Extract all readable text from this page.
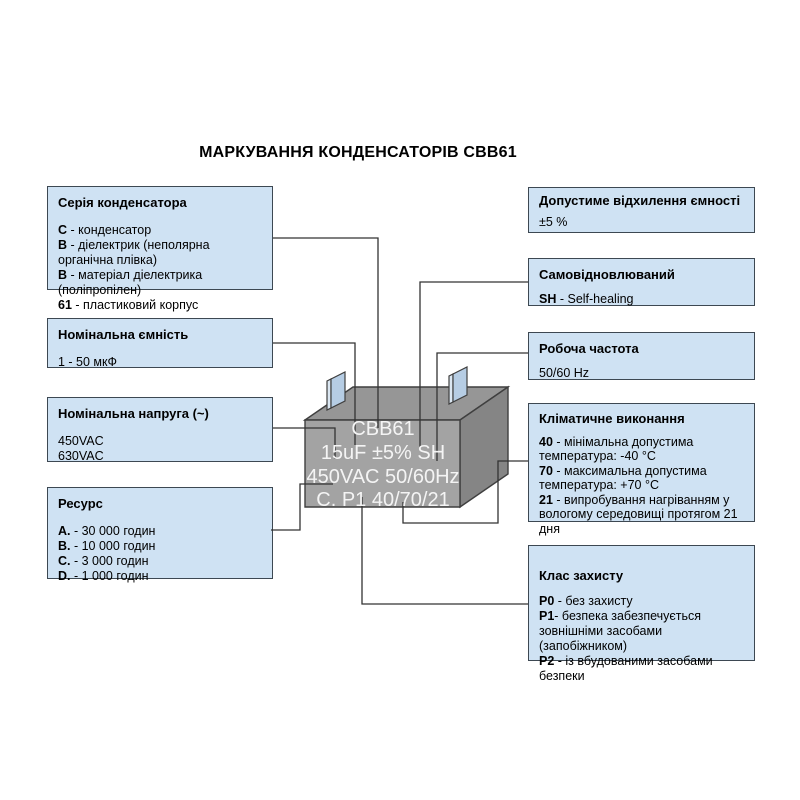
МАРКУВАННЯ КОНДЕНСАТОРІВ CBB61
Серія конденсатора
C - конденсатор
B - діелектрик (неполярна органічна плівка)
B - матеріал діелектрика (поліпропілен)
61 - пластиковий корпус
Номінальна ємність
1 - 50 мкФ
Номінальна напруга (~)
450VAC
630VAC
Ресурс
A. - 30 000 годин
B. - 10 000 годин
C. - 3 000 годин
D. - 1 000 годин
Допустиме відхилення ємності
±5 %
Самовідновлюваний
SH - Self-healing
Робоча частота
50/60 Hz
Кліматичне виконання
40 - мінімальна допустима температура: -40 °C
70 - максимальна допустима температура: +70 °C
21 - випробування нагріванням у вологому середовищі протягом 21 дня
Клас захисту
P0 - без захисту
P1- безпека забезпечується зовнішніми засобами (запобіжником)
P2 - із вбудованими засобами безпеки
CBB61
15uF ±5% SH
450VAC 50/60Hz
C. P1 40/70/21
